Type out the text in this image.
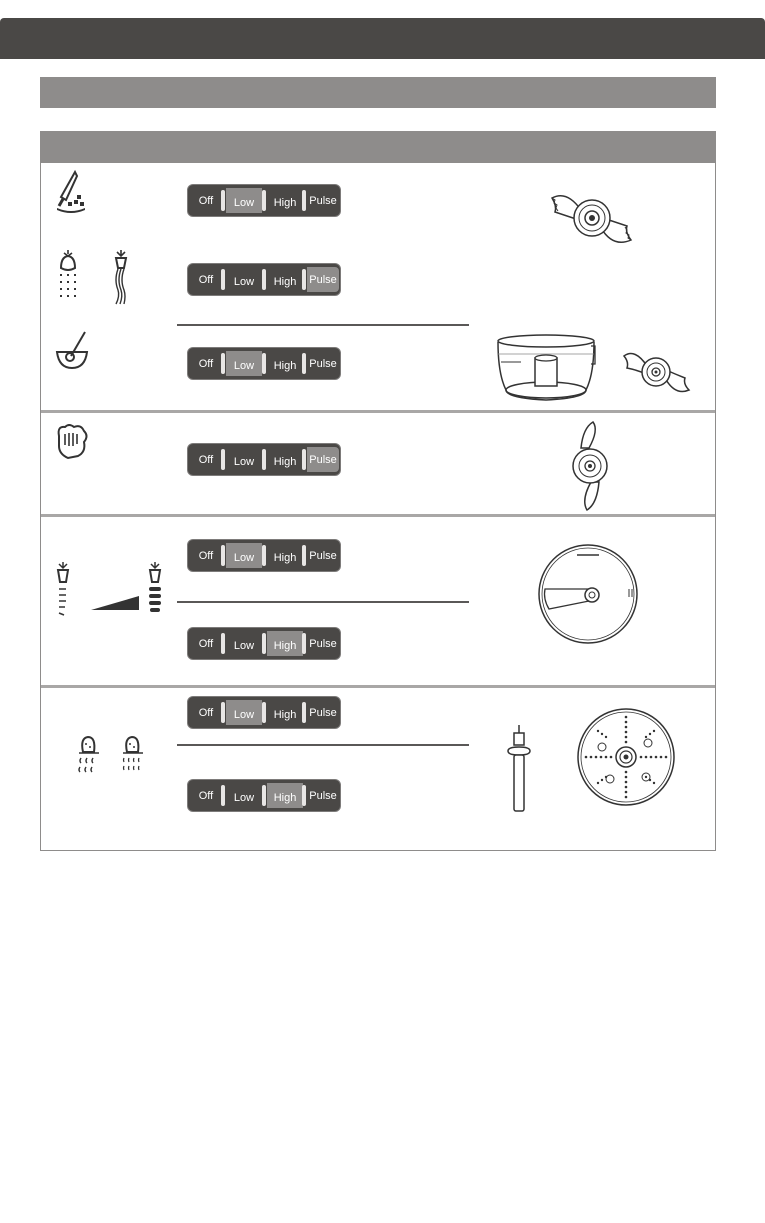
Off	Low	High	Pulse
Off	Low	High	Pulse
Off	Low	High	Pulse
Off	Low	High	Pulse
Off	Low	High	Pulse
Off	Low	High	Pulse
Off	Low	High	Pulse
Off	Low	High	Pulse
